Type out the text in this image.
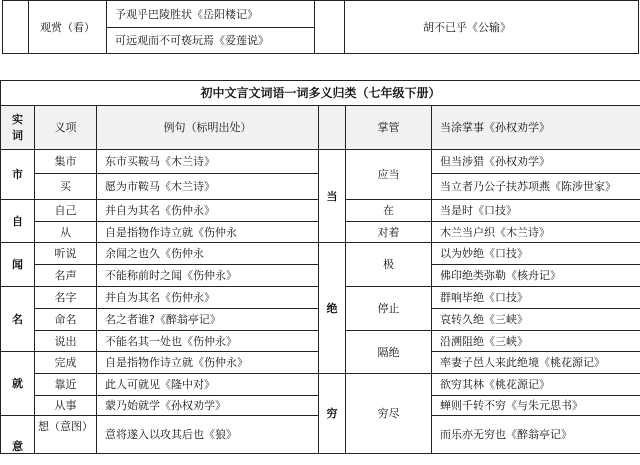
	观赏（看）	予观乎巴陵胜状《岳阳楼记》		胡不已乎《公输》
可远观而不可亵玩焉《爱莲说》
初中文言文词语一词多义归类（七年级下册）					
实
词	义项	例句（标明出处）		掌管	当涂掌事《孙权劝学》
市	集市	东市买鞍马《木兰诗》	当	应当	但当涉猎《孙权劝学》
	买	愿为市鞍马《木兰诗》			当立者乃公子扶苏项燕《陈涉世家》
自	自己	并自为其名《伤仲永》		在	当是时《口技》
	从	自是指物作诗立就《伤仲永		对着	木兰当户织《木兰诗》
闻	听说	余闻之也久《伤仲永	绝	极	以为妙绝《口技》
	名声	不能称前时之闻《伤仲永》			佛印绝类弥勒《核舟记》
名	名字	并自为其名《伤仲永》		停止	群响毕绝《口技》
	命名	名之者谁?《醉翁亭记》			哀转久绝《三峡》
	说出	不能名其一处也《伤仲永》		隔绝	沿溯阻绝《三峡》
就	完成	自是指物作诗立就《伤仲永》			率妻子邑人来此绝境《桃花源记》
	靠近	此人可就见《隆中对》	穷	穷尽	欲穷其林《桃花源记》
	从事	蒙乃始就学《孙权劝学》			蝉则千转不穷《与朱元思书》
意	想（意图）	意将遂入以攻其后也《狼》			而乐亦无穷也《醉翁亭记》
